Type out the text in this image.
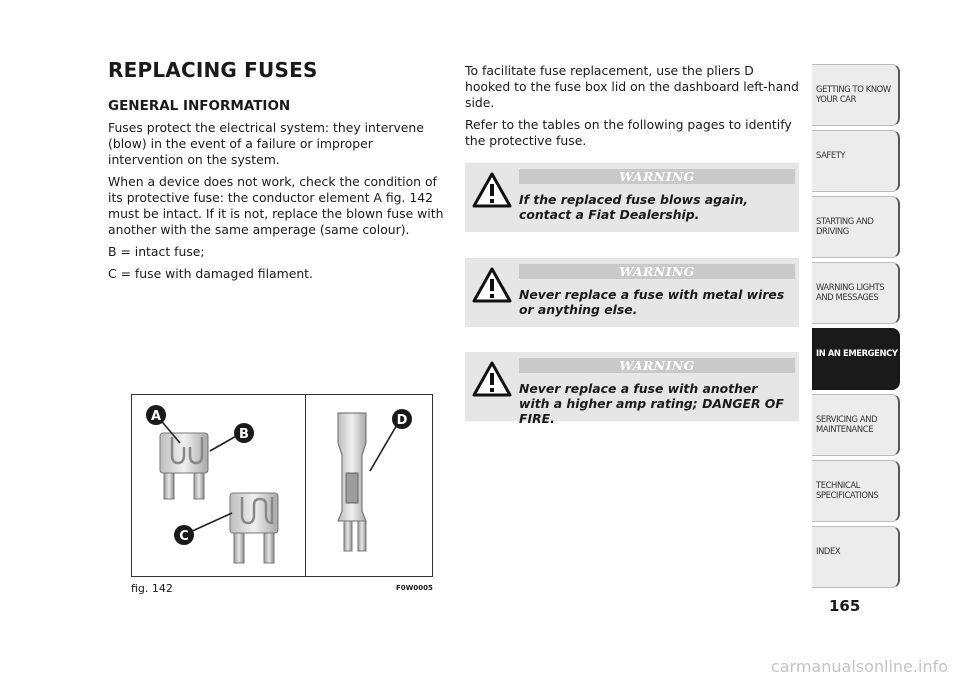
REPLACING FUSES
GENERAL INFORMATION

Fuses protect the electrical system: they intervene (blow) in the event of a failure or improper intervention on the system.

When a device does not work, check the condition of its protective fuse: the conductor element A fig. 142 must be intact. If it is not, replace the blown fuse with another with the same amperage (same colour).

B = intact fuse;

C = fuse with damaged filament.

To facilitate fuse replacement, use the pliers D hooked to the fuse box lid on the dashboard left-hand side.

Refer to the tables on the following pages to identify the protective fuse.

WARNING
If the replaced fuse blows again, contact a Fiat Dealership.
WARNING
Never replace a fuse with metal wires or anything else.
WARNING
Never replace a fuse with another with a higher amp rating; DANGER OF FIRE.
A
B
C
D
fig. 142	F0W0005
GETTING TO KNOW YOUR CAR
SAFETY
STARTING AND DRIVING
WARNING LIGHTS AND MESSAGES
IN AN EMERGENCY
SERVICING AND MAINTENANCE
TECHNICAL SPECIFICATIONS
INDEX
165
carmanualsonline.info
